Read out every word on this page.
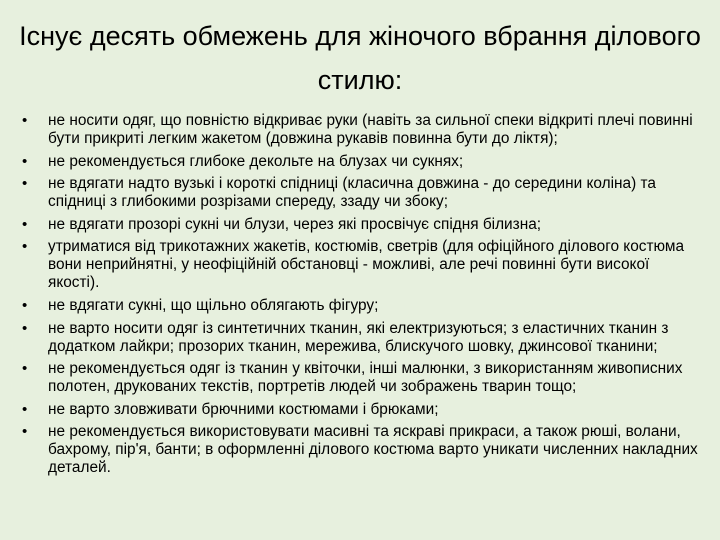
Існує десять обмежень для жіночого вбрання ділового стилю:
• не носити одяг, що повністю відкриває руки (навіть за сильної спеки відкриті плечі повинні бути прикриті легким жакетом (довжина рукавів повинна бути до ліктя);
• не рекомендується глибоке декольте на блузах чи сукнях;
• не вдягати надто вузькі і короткі спідниці (класична довжина - до середини коліна) та спідниці з глибокими розрізами спереду, ззаду чи збоку;
• не вдягати прозорі сукні чи блузи, через які просвічує спідня білизна;
• утриматися від трикотажних жакетів, костюмів, светрів (для офіційного ділового костюма вони неприйнятні, у неофіційній обстановці - можливі, але речі повинні бути високої якості).
• не вдягати сукні, що щільно облягають фігуру;
• не варто носити одяг із синтетичних тканин, які електризуються; з еластичних тканин з додатком лайкри; прозорих тканин, мережива, блискучого шовку, джинсової тканини;
• не рекомендується одяг із тканин у квіточки, інші малюнки, з використанням живописних полотен, друкованих текстів, портретів людей чи зображень тварин тощо;
• не варто зловживати брючними костюмами і брюками;
• не рекомендується використовувати масивні та яскраві прикраси, а також рюші, волани, бахрому, пір'я, банти; в оформленні ділового костюма варто уникати численних накладних деталей.
